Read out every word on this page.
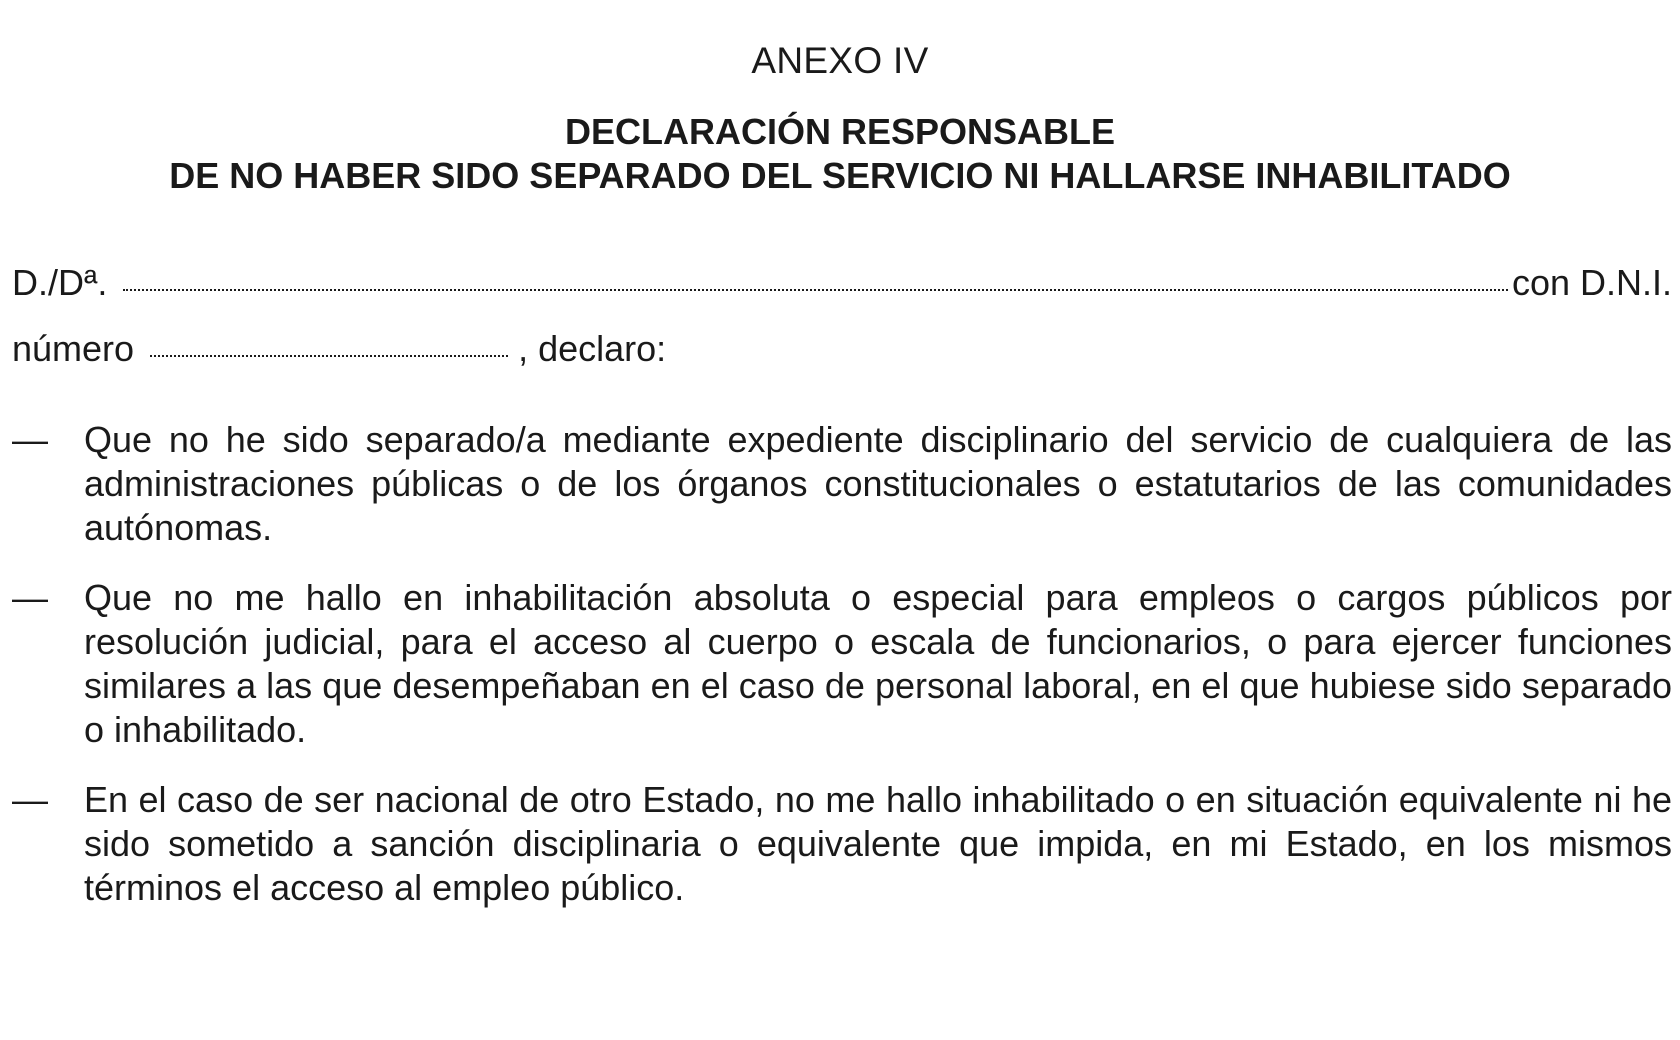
ANEXO IV
DECLARACIÓN RESPONSABLE
DE NO HABER SIDO SEPARADO DEL SERVICIO NI HALLARSE INHABILITADO
D./Dª.	con D.N.I.
número	, declaro:
—	Que no he sido separado/a mediante expediente disciplinario del servicio de cualquiera de las administraciones públicas o de los órganos constitucionales o estatutarios de las comunidades autónomas.

—	Que no me hallo en inhabilitación absoluta o especial para empleos o cargos públicos por resolución judicial, para el acceso al cuerpo o escala de funcionarios, o para ejercer funciones similares a las que desempeñaban en el caso de personal laboral, en el que hubiese sido separado o inhabilitado.

—	En el caso de ser nacional de otro Estado, no me hallo inhabilitado o en situación equivalente ni he sido sometido a sanción disciplinaria o equivalente que impida, en mi Estado, en los mismos términos el acceso al empleo público.
